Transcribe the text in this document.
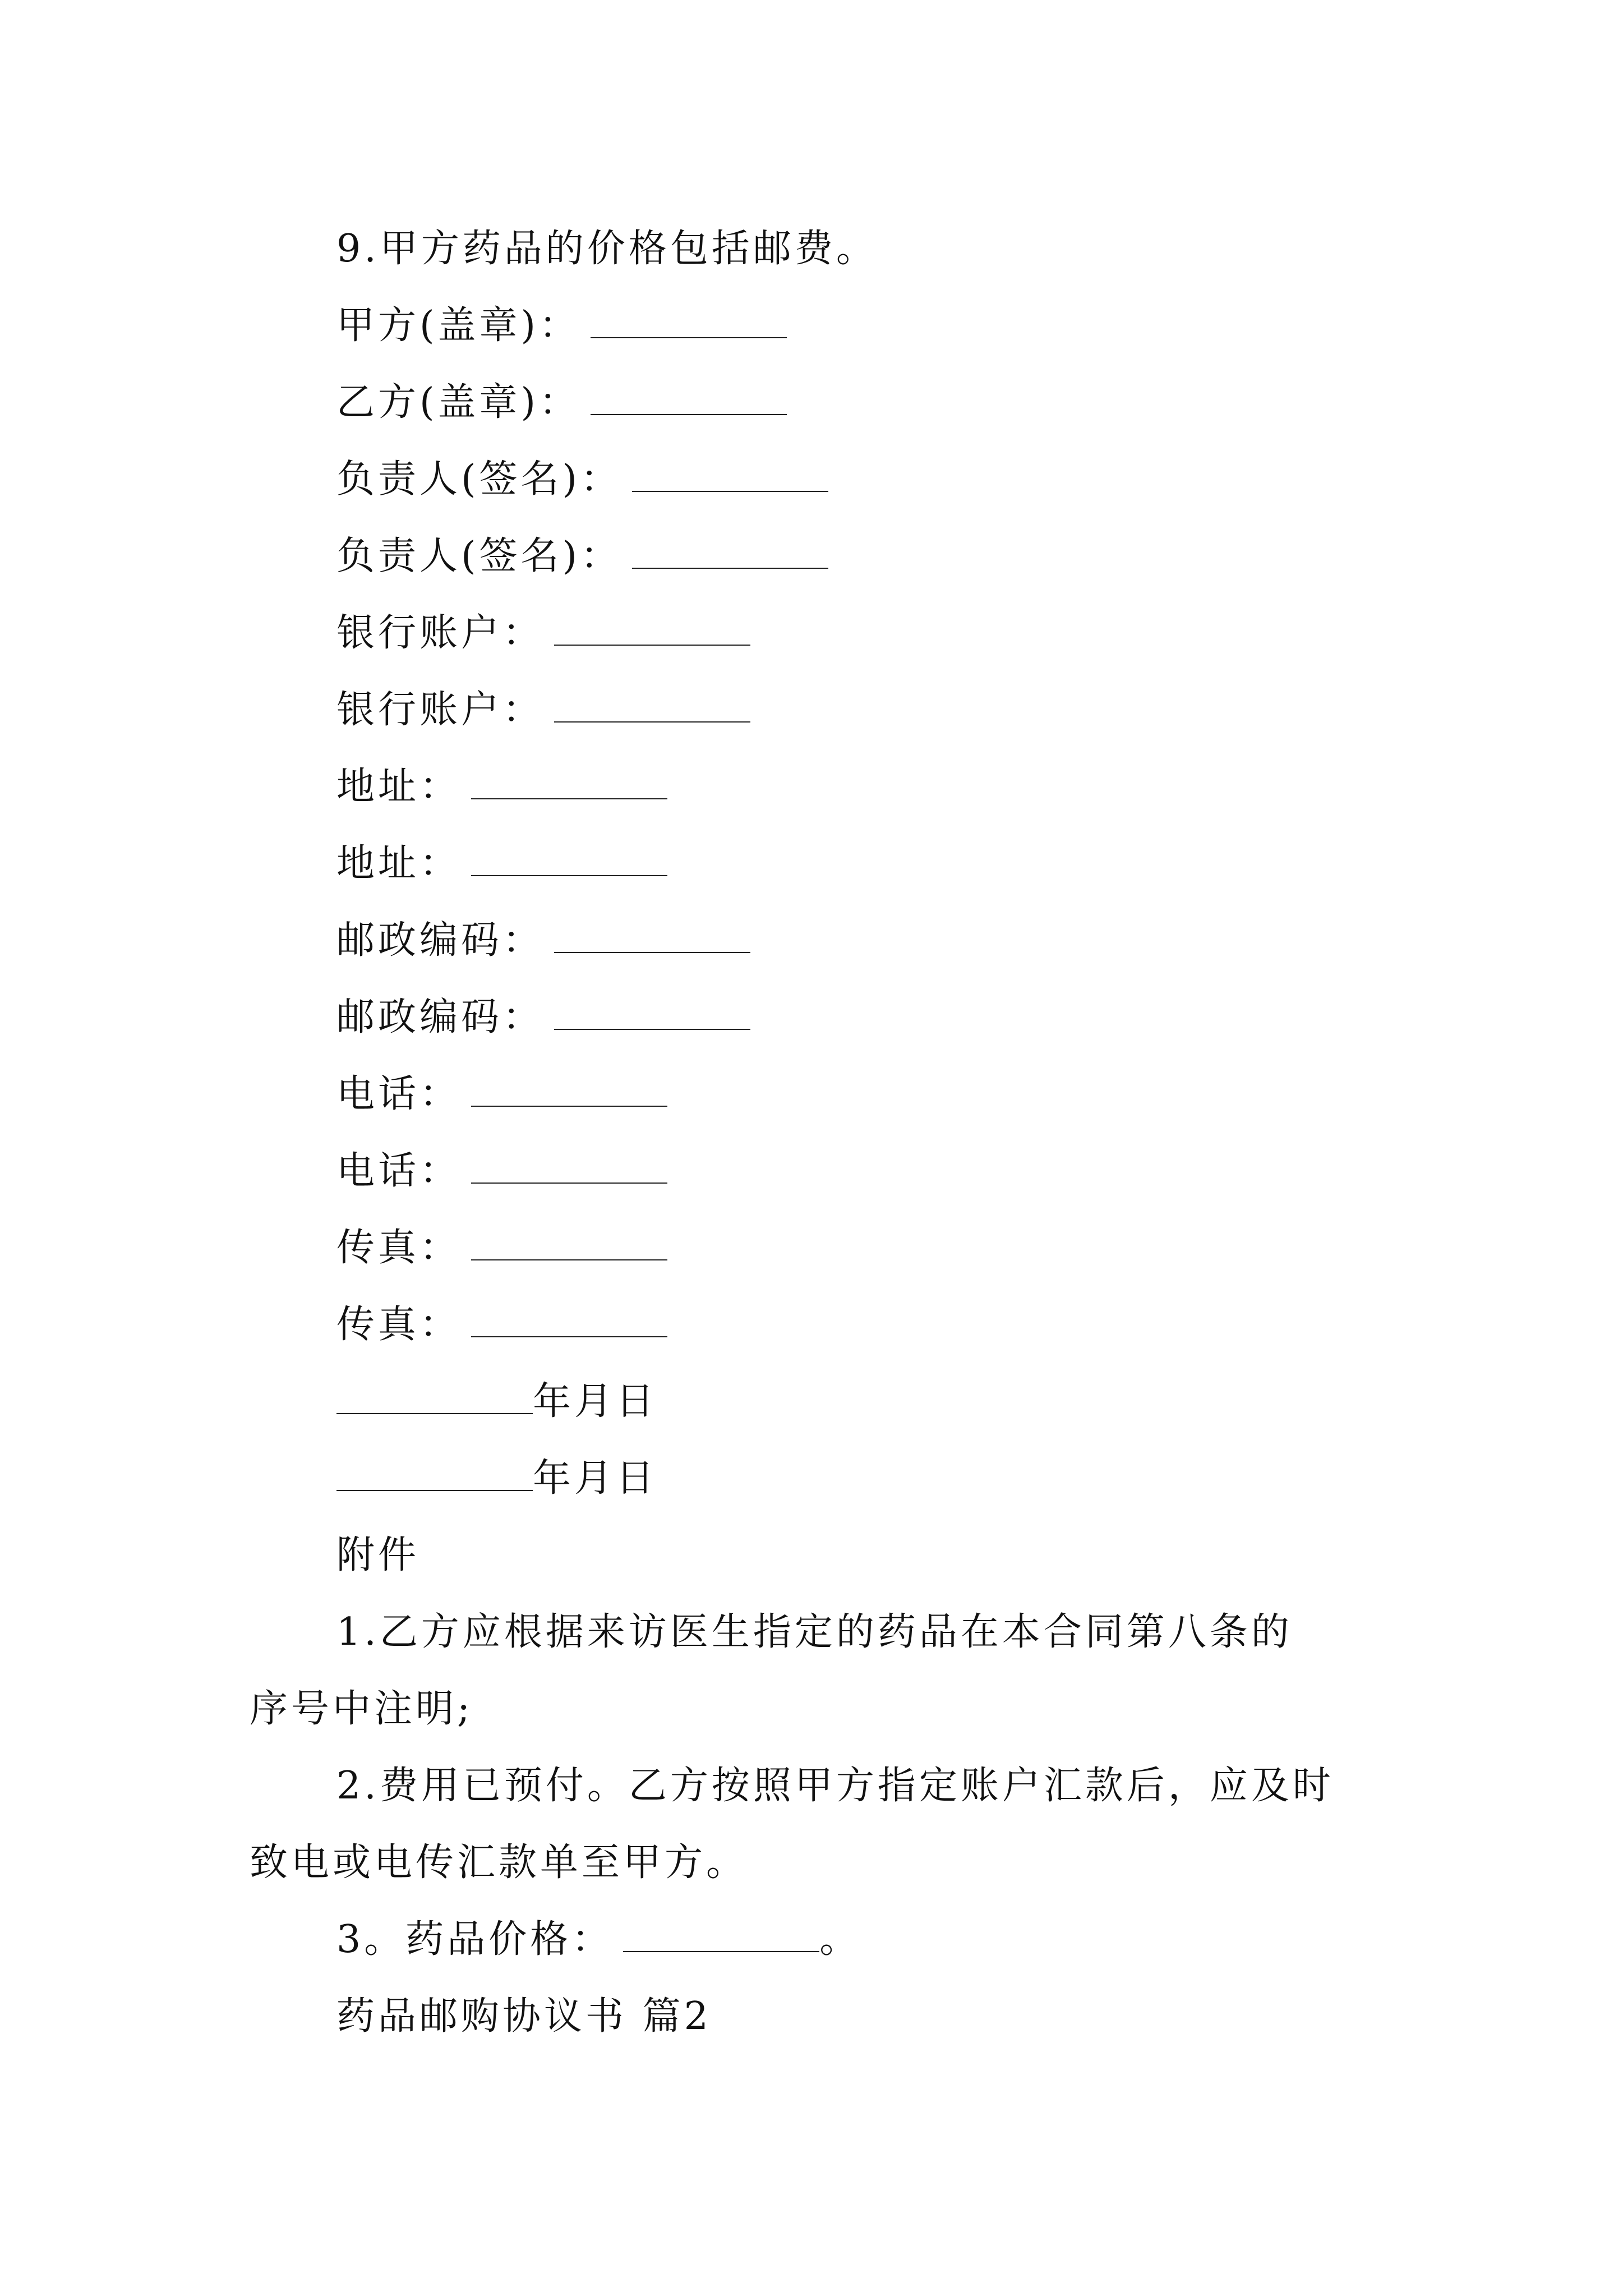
9.甲方药品的价格包括邮费。
甲方(盖章)：
乙方(盖章)：
负责人(签名)：
负责人(签名)：
银行账户：
银行账户：
地址：
地址：
邮政编码：
邮政编码：
电话：
电话：
传真：
传真：
年月日
年月日
附件
1.乙方应根据来访医生指定的药品在本合同第八条的
序号中注明;
2.费用已预付。乙方按照甲方指定账户汇款后，应及时
致电或电传汇款单至甲方。
3。药品价格：	。
药品邮购协议书 篇2
